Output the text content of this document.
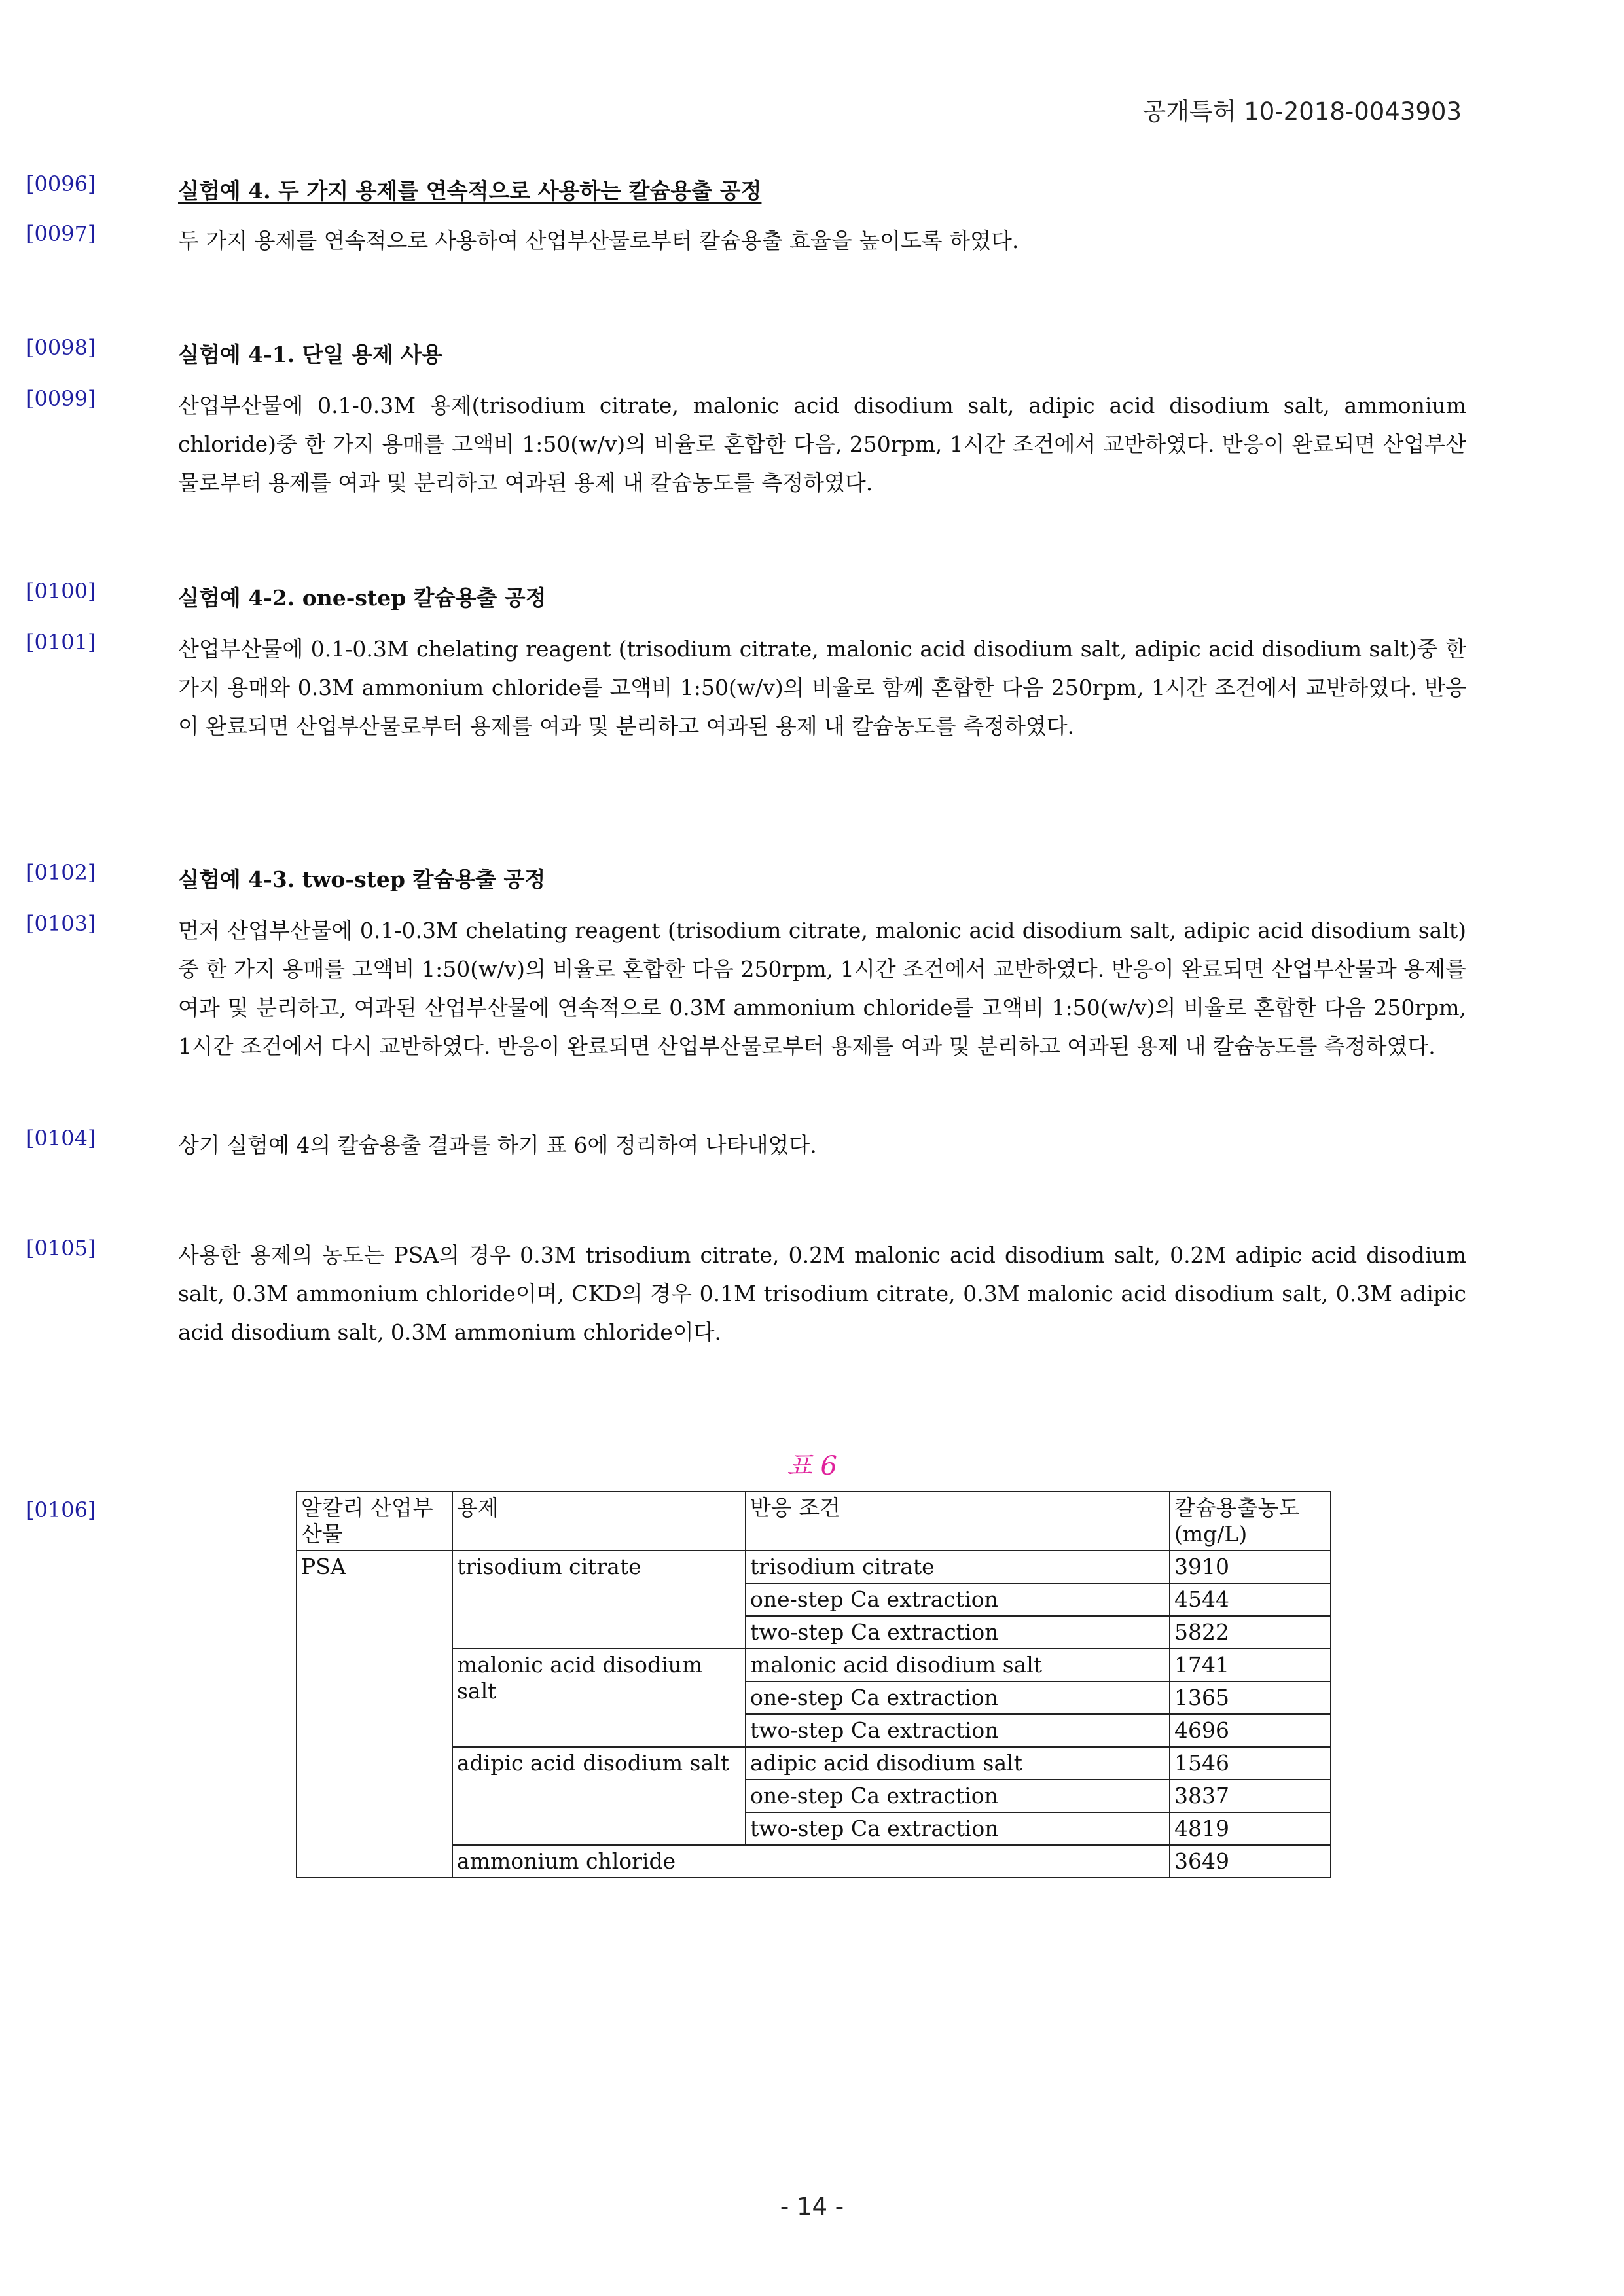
공개특허 10-2018-0043903
[0096]	실험예 4. 두 가지 용제를 연속적으로 사용하는 칼슘용출 공정
[0097]	두 가지 용제를 연속적으로 사용하여 산업부산물로부터 칼슘용출 효율을 높이도록 하였다.
[0098]	실험예 4-1. 단일 용제 사용
[0099]	산업부산물에 0.1-0.3M 용제(trisodium citrate, malonic acid disodium salt, adipic acid disodium salt, ammonium chloride)중 한 가지 용매를 고액비 1:50(w/v)의 비율로 혼합한 다음, 250rpm, 1시간 조건에서 교반하였다. 반응이 완료되면 산업부산물로부터 용제를 여과 및 분리하고 여과된 용제 내 칼슘농도를 측정하였다.
[0100]	실험예 4-2. one-step 칼슘용출 공정
[0101]	산업부산물에 0.1-0.3M chelating reagent (trisodium citrate, malonic acid disodium salt, adipic acid disodium salt)중 한 가지 용매와 0.3M ammonium chloride를 고액비 1:50(w/v)의 비율로 함께 혼합한 다음 250rpm, 1시간 조건에서 교반하였다. 반응이 완료되면 산업부산물로부터 용제를 여과 및 분리하고 여과된 용제 내 칼슘농도를 측정하였다.
[0102]	실험예 4-3. two-step 칼슘용출 공정
[0103]	먼저 산업부산물에 0.1-0.3M chelating reagent (trisodium citrate, malonic acid disodium salt, adipic acid disodium salt)중 한 가지 용매를 고액비 1:50(w/v)의 비율로 혼합한 다음 250rpm, 1시간 조건에서 교반하였다. 반응이 완료되면 산업부산물과 용제를 여과 및 분리하고, 여과된 산업부산물에 연속적으로 0.3M ammonium chloride를 고액비 1:50(w/v)의 비율로 혼합한 다음 250rpm, 1시간 조건에서 다시 교반하였다. 반응이 완료되면 산업부산물로부터 용제를 여과 및 분리하고 여과된 용제 내 칼슘농도를 측정하였다.
[0104]	상기 실험예 4의 칼슘용출 결과를 하기 표 6에 정리하여 나타내었다.
[0105]	사용한 용제의 농도는 PSA의 경우 0.3M trisodium citrate, 0.2M malonic acid disodium salt, 0.2M adipic acid disodium salt, 0.3M ammonium chloride이며, CKD의 경우 0.1M trisodium citrate, 0.3M malonic acid disodium salt, 0.3M adipic acid disodium salt, 0.3M ammonium chloride이다.
[0106]
표 6
알칼리 산업부산물	용제	반응 조건	칼슘용출농도(mg/L)
PSA	trisodium citrate	trisodium citrate	3910
		one-step Ca extraction	4544
		two-step Ca extraction	5822
	malonic acid disodium salt	malonic acid disodium salt	1741
		one-step Ca extraction	1365
		two-step Ca extraction	4696
	adipic acid disodium salt	adipic acid disodium salt	1546
		one-step Ca extraction	3837
		two-step Ca extraction	4819
	ammonium chloride		3649
- 14 -
